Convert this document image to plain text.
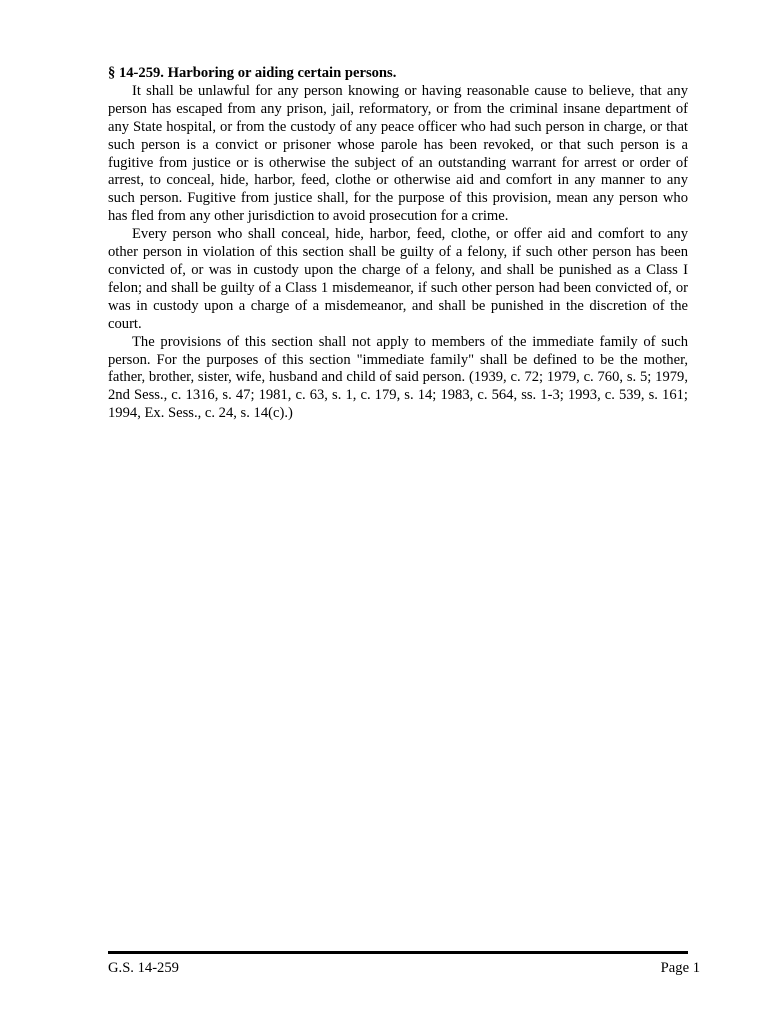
§ 14-259. Harboring or aiding certain persons.

It shall be unlawful for any person knowing or having reasonable cause to believe, that any person has escaped from any prison, jail, reformatory, or from the criminal insane department of any State hospital, or from the custody of any peace officer who had such person in charge, or that such person is a convict or prisoner whose parole has been revoked, or that such person is a fugitive from justice or is otherwise the subject of an outstanding warrant for arrest or order of arrest, to conceal, hide, harbor, feed, clothe or otherwise aid and comfort in any manner to any such person. Fugitive from justice shall, for the purpose of this provision, mean any person who has fled from any other jurisdiction to avoid prosecution for a crime.

Every person who shall conceal, hide, harbor, feed, clothe, or offer aid and comfort to any other person in violation of this section shall be guilty of a felony, if such other person has been convicted of, or was in custody upon the charge of a felony, and shall be punished as a Class I felon; and shall be guilty of a Class 1 misdemeanor, if such other person had been convicted of, or was in custody upon a charge of a misdemeanor, and shall be punished in the discretion of the court.

The provisions of this section shall not apply to members of the immediate family of such person. For the purposes of this section "immediate family" shall be defined to be the mother, father, brother, sister, wife, husband and child of said person. (1939, c. 72; 1979, c. 760, s. 5; 1979, 2nd Sess., c. 1316, s. 47; 1981, c. 63, s. 1, c. 179, s. 14; 1983, c. 564, ss. 1-3; 1993, c. 539, s. 161; 1994, Ex. Sess., c. 24, s. 14(c).)

G.S. 14-259	Page 1
